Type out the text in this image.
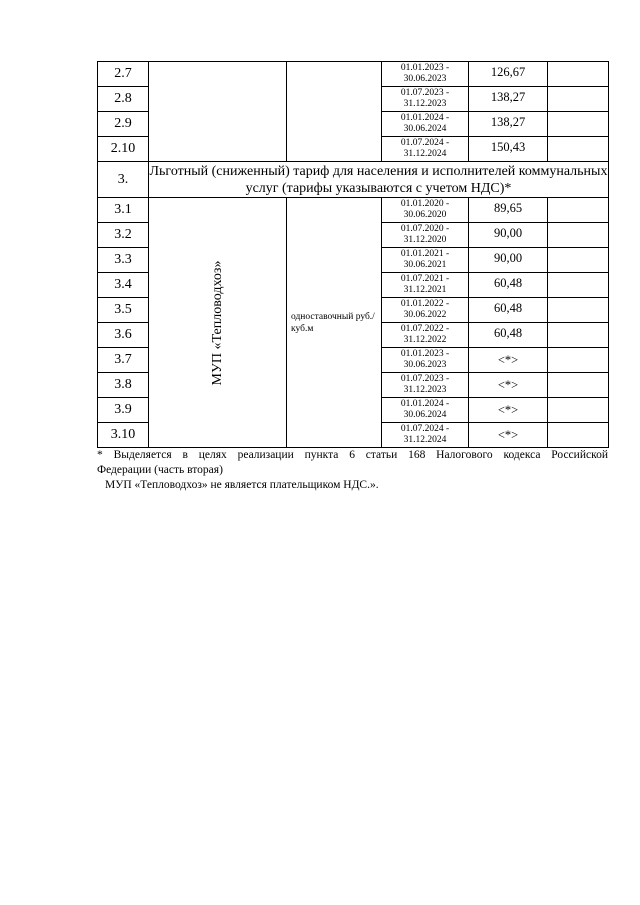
2.7			01.01.2023 - 30.06.2023	126,67	
2.8			01.07.2023 - 31.12.2023	138,27	
2.9			01.01.2024 - 30.06.2024	138,27	
2.10			01.07.2024 - 31.12.2024	150,43	
3.	Льготный (сниженный) тариф для населения и исполнителей коммунальных услуг (тарифы указываются с учетом НДС)*				
3.1	МУП «Тепловодхоз»	одноставочный руб./куб.м	01.01.2020 - 30.06.2020	89,65	
3.2			01.07.2020 - 31.12.2020	90,00	
3.3			01.01.2021 - 30.06.2021	90,00	
3.4			01.07.2021 - 31.12.2021	60,48	
3.5			01.01.2022 - 30.06.2022	60,48	
3.6			01.07.2022 - 31.12.2022	60,48	
3.7			01.01.2023 - 30.06.2023	<*>	
3.8			01.07.2023 - 31.12.2023	<*>	
3.9			01.01.2024 - 30.06.2024	<*>	
3.10			01.07.2024 - 31.12.2024	<*>	

* Выделяется в целях реализации пункта 6 статьи 168 Налогового кодекса Российской

Федерации (часть вторая)

МУП «Тепловодхоз» не является плательщиком НДС.».
